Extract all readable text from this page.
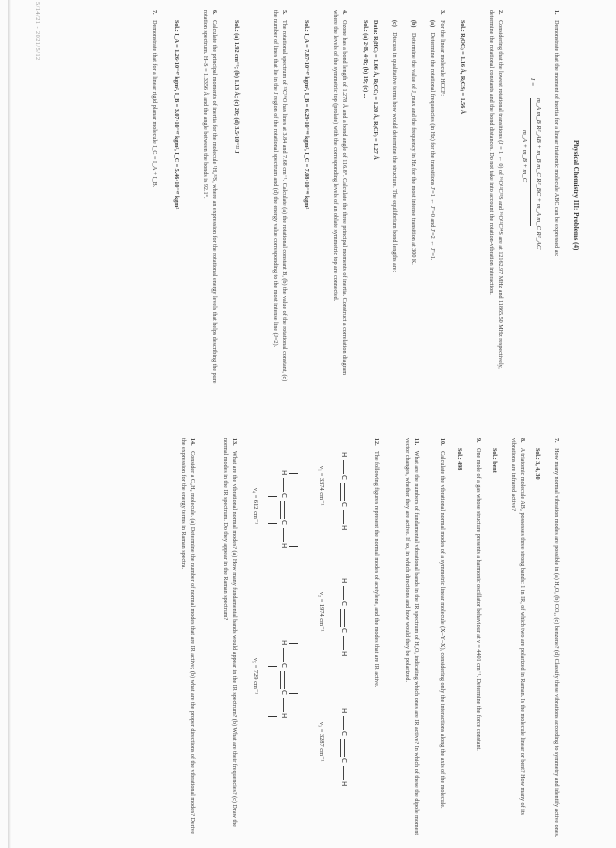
5/14/21 - 2021/5/12
Physical Chemistry III: Problems (4)
1. Demonstrate that the moment of inertia for a linear triatomic molecule ABC can be expressed as:
I =
m_A m_B R²_AB + m_B m_C R²_BC + m_A m_C R²_AC
m_A + m_B + m_C
2. Considering that the lowest rotational transitions (J = 1 ← 0) of ¹⁶O¹²C³²S and ¹⁶O¹²C³⁴S are at 12162.97 MHz and 11865.50 MHz respectively, determine the rotational constants and the bond distances. Do not take into account the rotation-vibration interaction.
Sol.: R₍OC₎ = 1.16 Å, R₍CS₎ = 1.56 Å
3. For the linear molecule HCCF:
(a) Determine the rotational frequencies (in Hz) for the transitions J'=1 ← J''=0 and J'=2 ← J''=1.
(b) Determine the value of J_max and the frequency in Hz for the most intense transition at 300 K.
(c) Discuss in qualitative terms how would determine the structure. The equilibrium bond lengths are:
Data: R₍HC₎ = 1.06 Å, R₍CC₎ = 1.20 Å, R₍CF₎ = 1.27 Å
Sol.: (a) 2·B, 4·B; (b) 19; (c) ...
4. Ozone has a bond length of 1.278 Å and a bond angle of 116.8°. Calculate the three principal moments of inertia. Construct a correlation diagram where the levels of the symmetric top (prolate) with the corresponding levels of an oblate symmetric top are connected.
Sol.: I_A = 7.87·10⁻⁴⁷ kgm², I_B = 6.29·10⁻⁴⁶ kgm², I_C = 7.08·10⁻⁴⁶ kgm²
5. The rotational spectrum of ¹²C¹⁶O has lines at 3.84 and 7.68 cm⁻¹. Calculate (a) the rotational constant B, (b) the value of the rotational constant, (c) the number of lines that lie in the J region of the rotational spectrum and (d) the energy value corresponding to the most intense line (J=2).
Sol.: (a) 1.92 cm⁻¹; (b) 1.13 Å; (c) 20; (d) 3.5·10⁻²² J
6. Calculate the principal moments of inertia for the molecule ¹H₂³²S, where an expression for the rotational energy levels that helps describing the pure rotation spectrum. H–S = 1.3356 Å and the angle between the bonds is 92.1°.
Sol.: I_A = 1.26·10⁻⁴⁷ kgm², I_B = 3.07·10⁻⁴⁷ kgm², I_C = 5.46·10⁻⁴⁷ kgm²
7. Demonstrate that for a linear rigid planar molecule I_C = I_A + I_B.
7. How many normal vibration modes are possible in (a) H₂O, (b) CO₂, (c) benzene? (d) Classify these vibrations according to symmetry and identify active ones.
Sol.: 3, 4, 30
8. A triatomic molecule AB₂ possesses three strong bands: 1 in IR, of which two are polarized in Raman. Is the molecule linear or bent? How many of its vibrations are infrared active?
Sol.: bent
9. One mole of a gas whose structure presents a harmonic oscillator behaviour at ν = 4401 cm⁻¹. Determine the force constant.
Sol.: 498
10. Calculate the vibrational normal modes of a symmetric linear molecule (X–Y–X), considering only the interactions along the axis of the molecule.
11. What are the numbers of fundamental vibrational bands in the IR spectrum of H₂O, indicating which ones are IR active? In which of these the dipole moment vector changes, whether they are active. If so, in which directions and how would they be polarized.
12. The following figures represent the normal modes of acetylene, and the modes that are IR active.
H
C
C
H
ν₁ = 3374 cm⁻¹
H
C
C
H
ν₂ = 1974 cm⁻¹
H
C
C
H
ν₃ = 3287 cm⁻¹
H
C
C
H
ν₄ = 612 cm⁻¹
H
C
C
H
ν₅ = 729 cm⁻¹
13. What are the vibrational normal modes? (a) How many fundamental bands would appear in the IR spectrum? (b) What are their frequencies? (c) Draw the normal modes in the IR spectrum. Do they appear in the Raman spectrum?
14. Consider a C₂H₂ molecule. (a) Determine the number of normal modes that are IR active; (b) what are the proper directions of the vibrational modes? Derive the expression for the energy terms in Raman spectra.
